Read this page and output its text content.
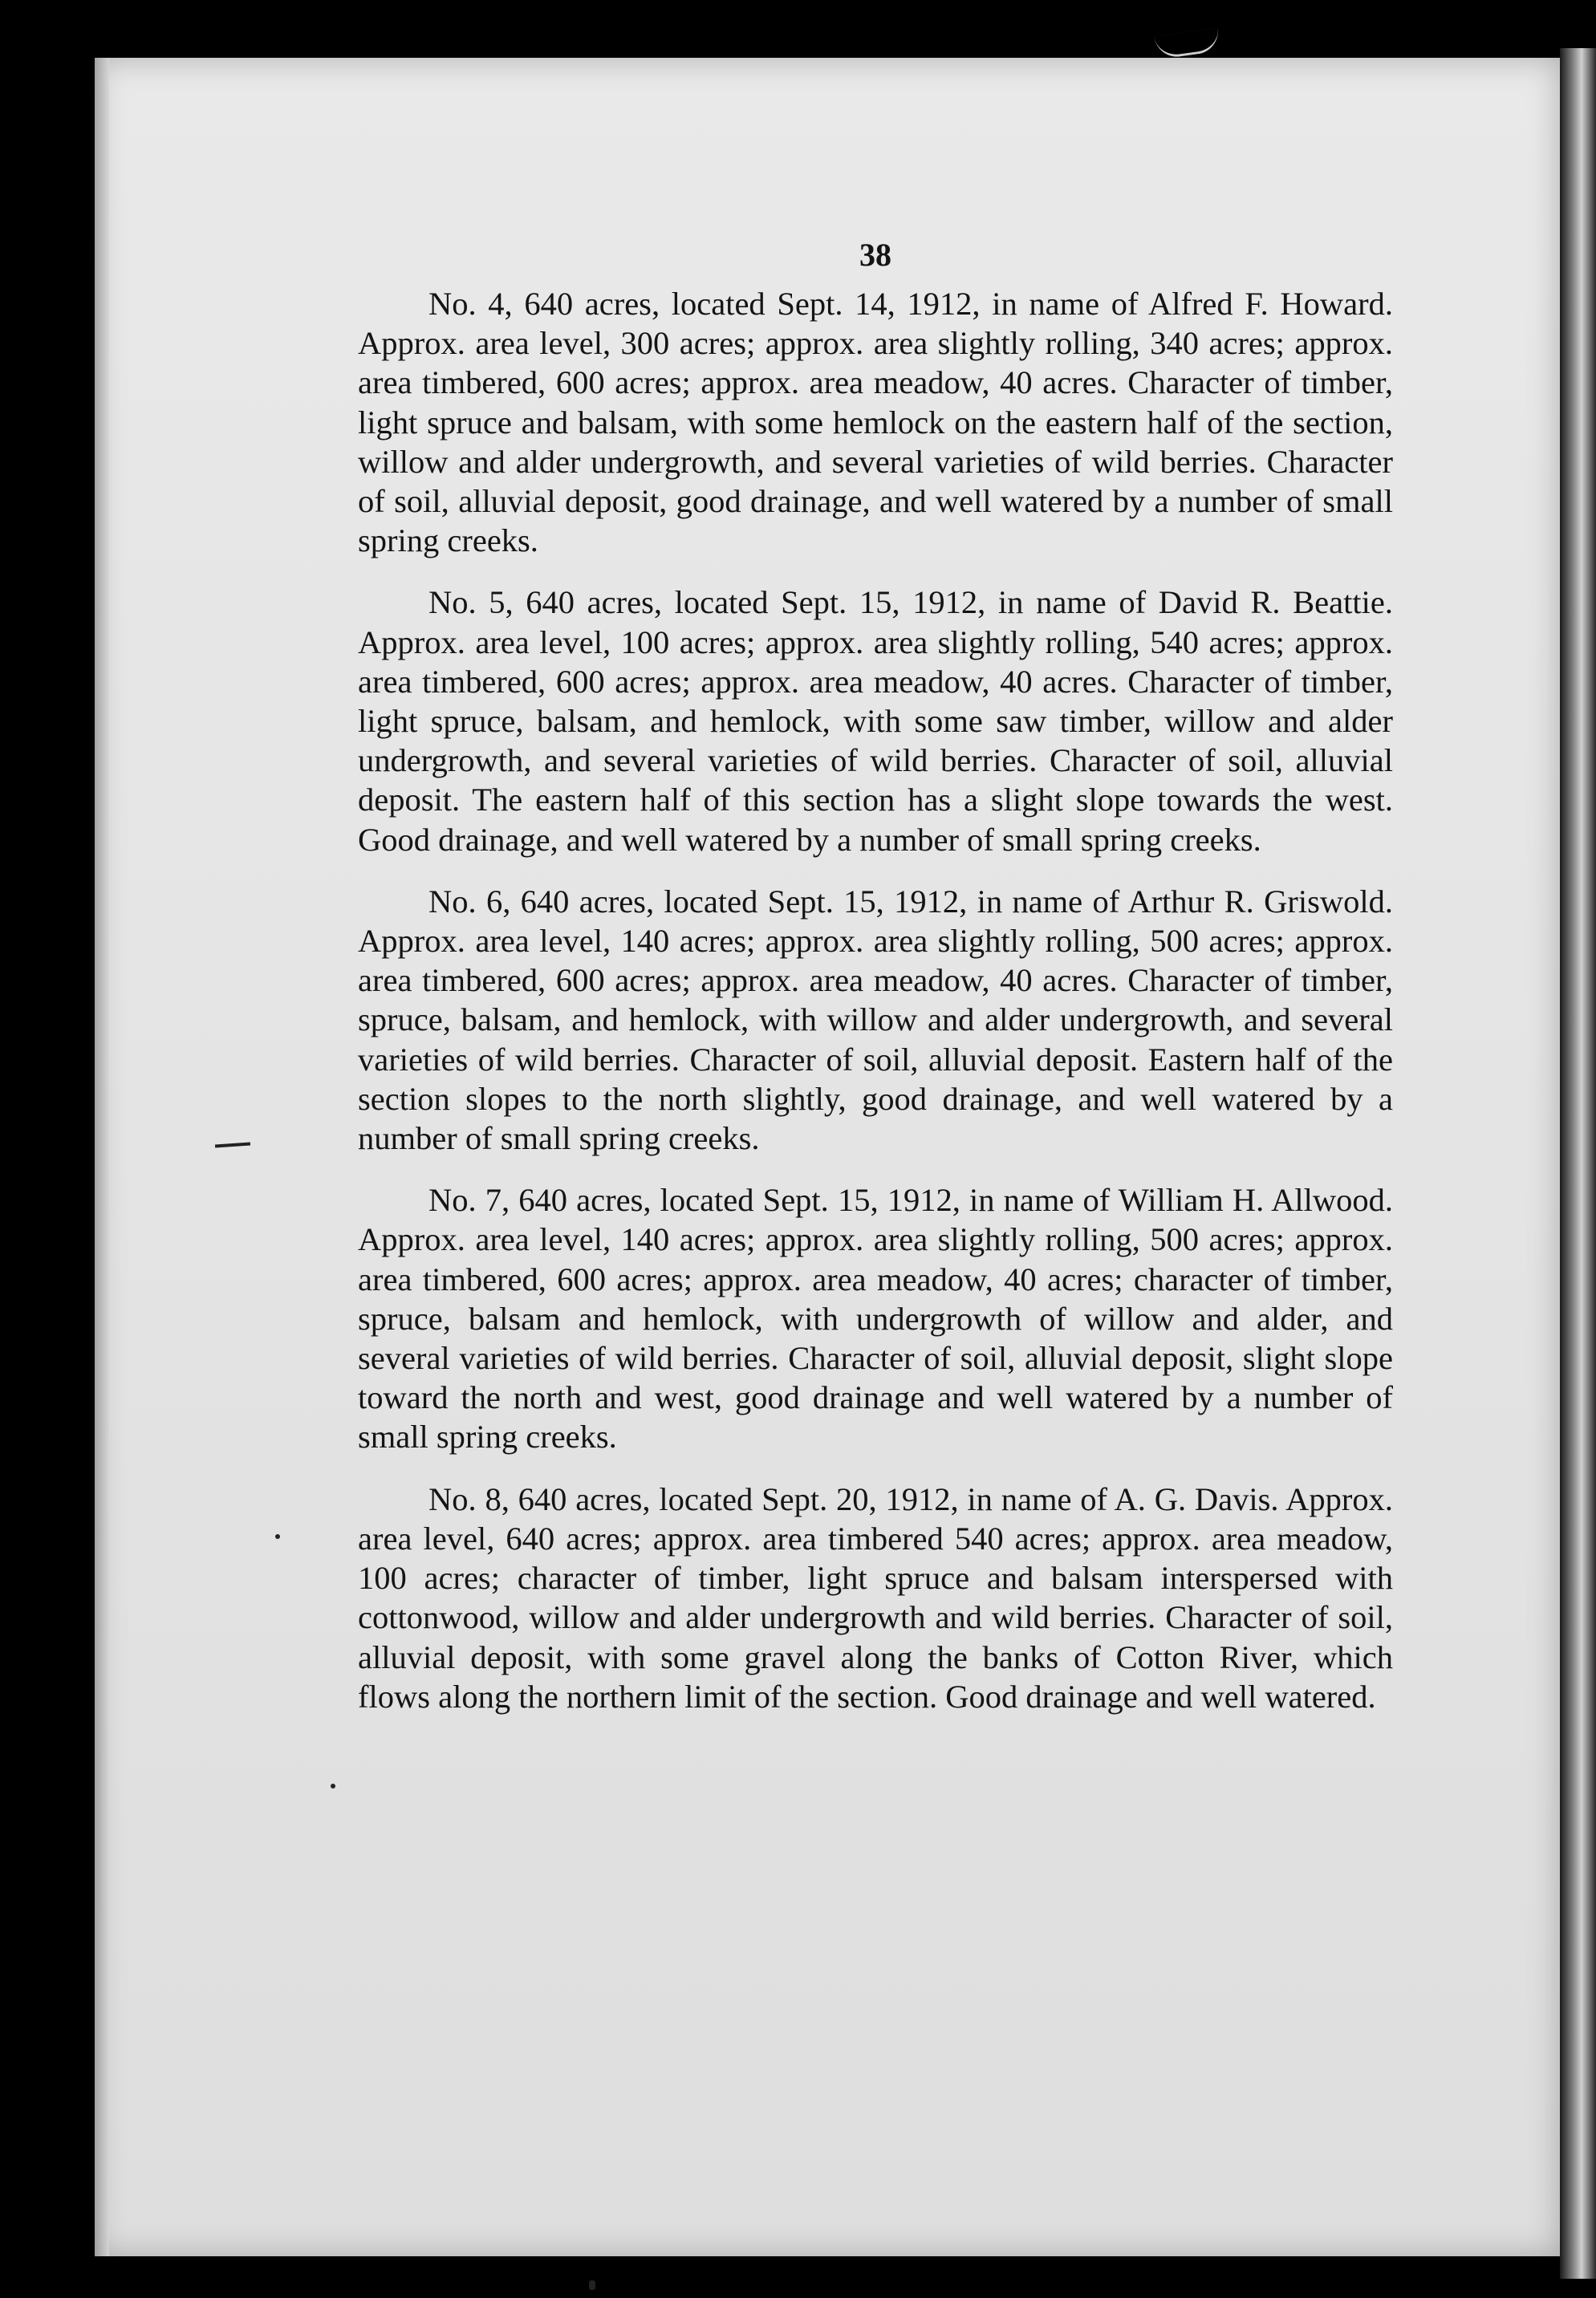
38

No. 4, 640 acres, located Sept. 14, 1912, in name of Alfred F. Howard. Approx. area level, 300 acres; approx. area slightly rolling, 340 acres; approx. area timbered, 600 acres; approx. area meadow, 40 acres. Character of timber, light spruce and balsam, with some hemlock on the eastern half of the section, willow and alder undergrowth, and several varieties of wild berries. Character of soil, alluvial deposit, good drainage, and well watered by a number of small spring creeks.

No. 5, 640 acres, located Sept. 15, 1912, in name of David R. Beattie. Approx. area level, 100 acres; approx. area slightly rolling, 540 acres; approx. area timbered, 600 acres; approx. area meadow, 40 acres. Character of timber, light spruce, balsam, and hemlock, with some saw timber, willow and alder undergrowth, and several varieties of wild berries. Character of soil, alluvial deposit. The eastern half of this section has a slight slope towards the west. Good drainage, and well watered by a number of small spring creeks.

No. 6, 640 acres, located Sept. 15, 1912, in name of Arthur R. Griswold. Approx. area level, 140 acres; approx. area slightly rolling, 500 acres; approx. area timbered, 600 acres; approx. area meadow, 40 acres. Character of timber, spruce, balsam, and hemlock, with willow and alder undergrowth, and several varieties of wild berries. Character of soil, alluvial deposit. Eastern half of the section slopes to the north slightly, good drainage, and well watered by a number of small spring creeks.

No. 7, 640 acres, located Sept. 15, 1912, in name of William H. Allwood. Approx. area level, 140 acres; approx. area slightly rolling, 500 acres; approx. area timbered, 600 acres; approx. area meadow, 40 acres; character of timber, spruce, balsam and hemlock, with undergrowth of willow and alder, and several varieties of wild berries. Character of soil, alluvial deposit, slight slope toward the north and west, good drainage and well watered by a number of small spring creeks.

No. 8, 640 acres, located Sept. 20, 1912, in name of A. G. Davis. Approx. area level, 640 acres; approx. area timbered 540 acres; approx. area meadow, 100 acres; character of timber, light spruce and balsam interspersed with cottonwood, willow and alder undergrowth and wild berries. Character of soil, alluvial deposit, with some gravel along the banks of Cotton River, which flows along the northern limit of the section. Good drainage and well watered.
